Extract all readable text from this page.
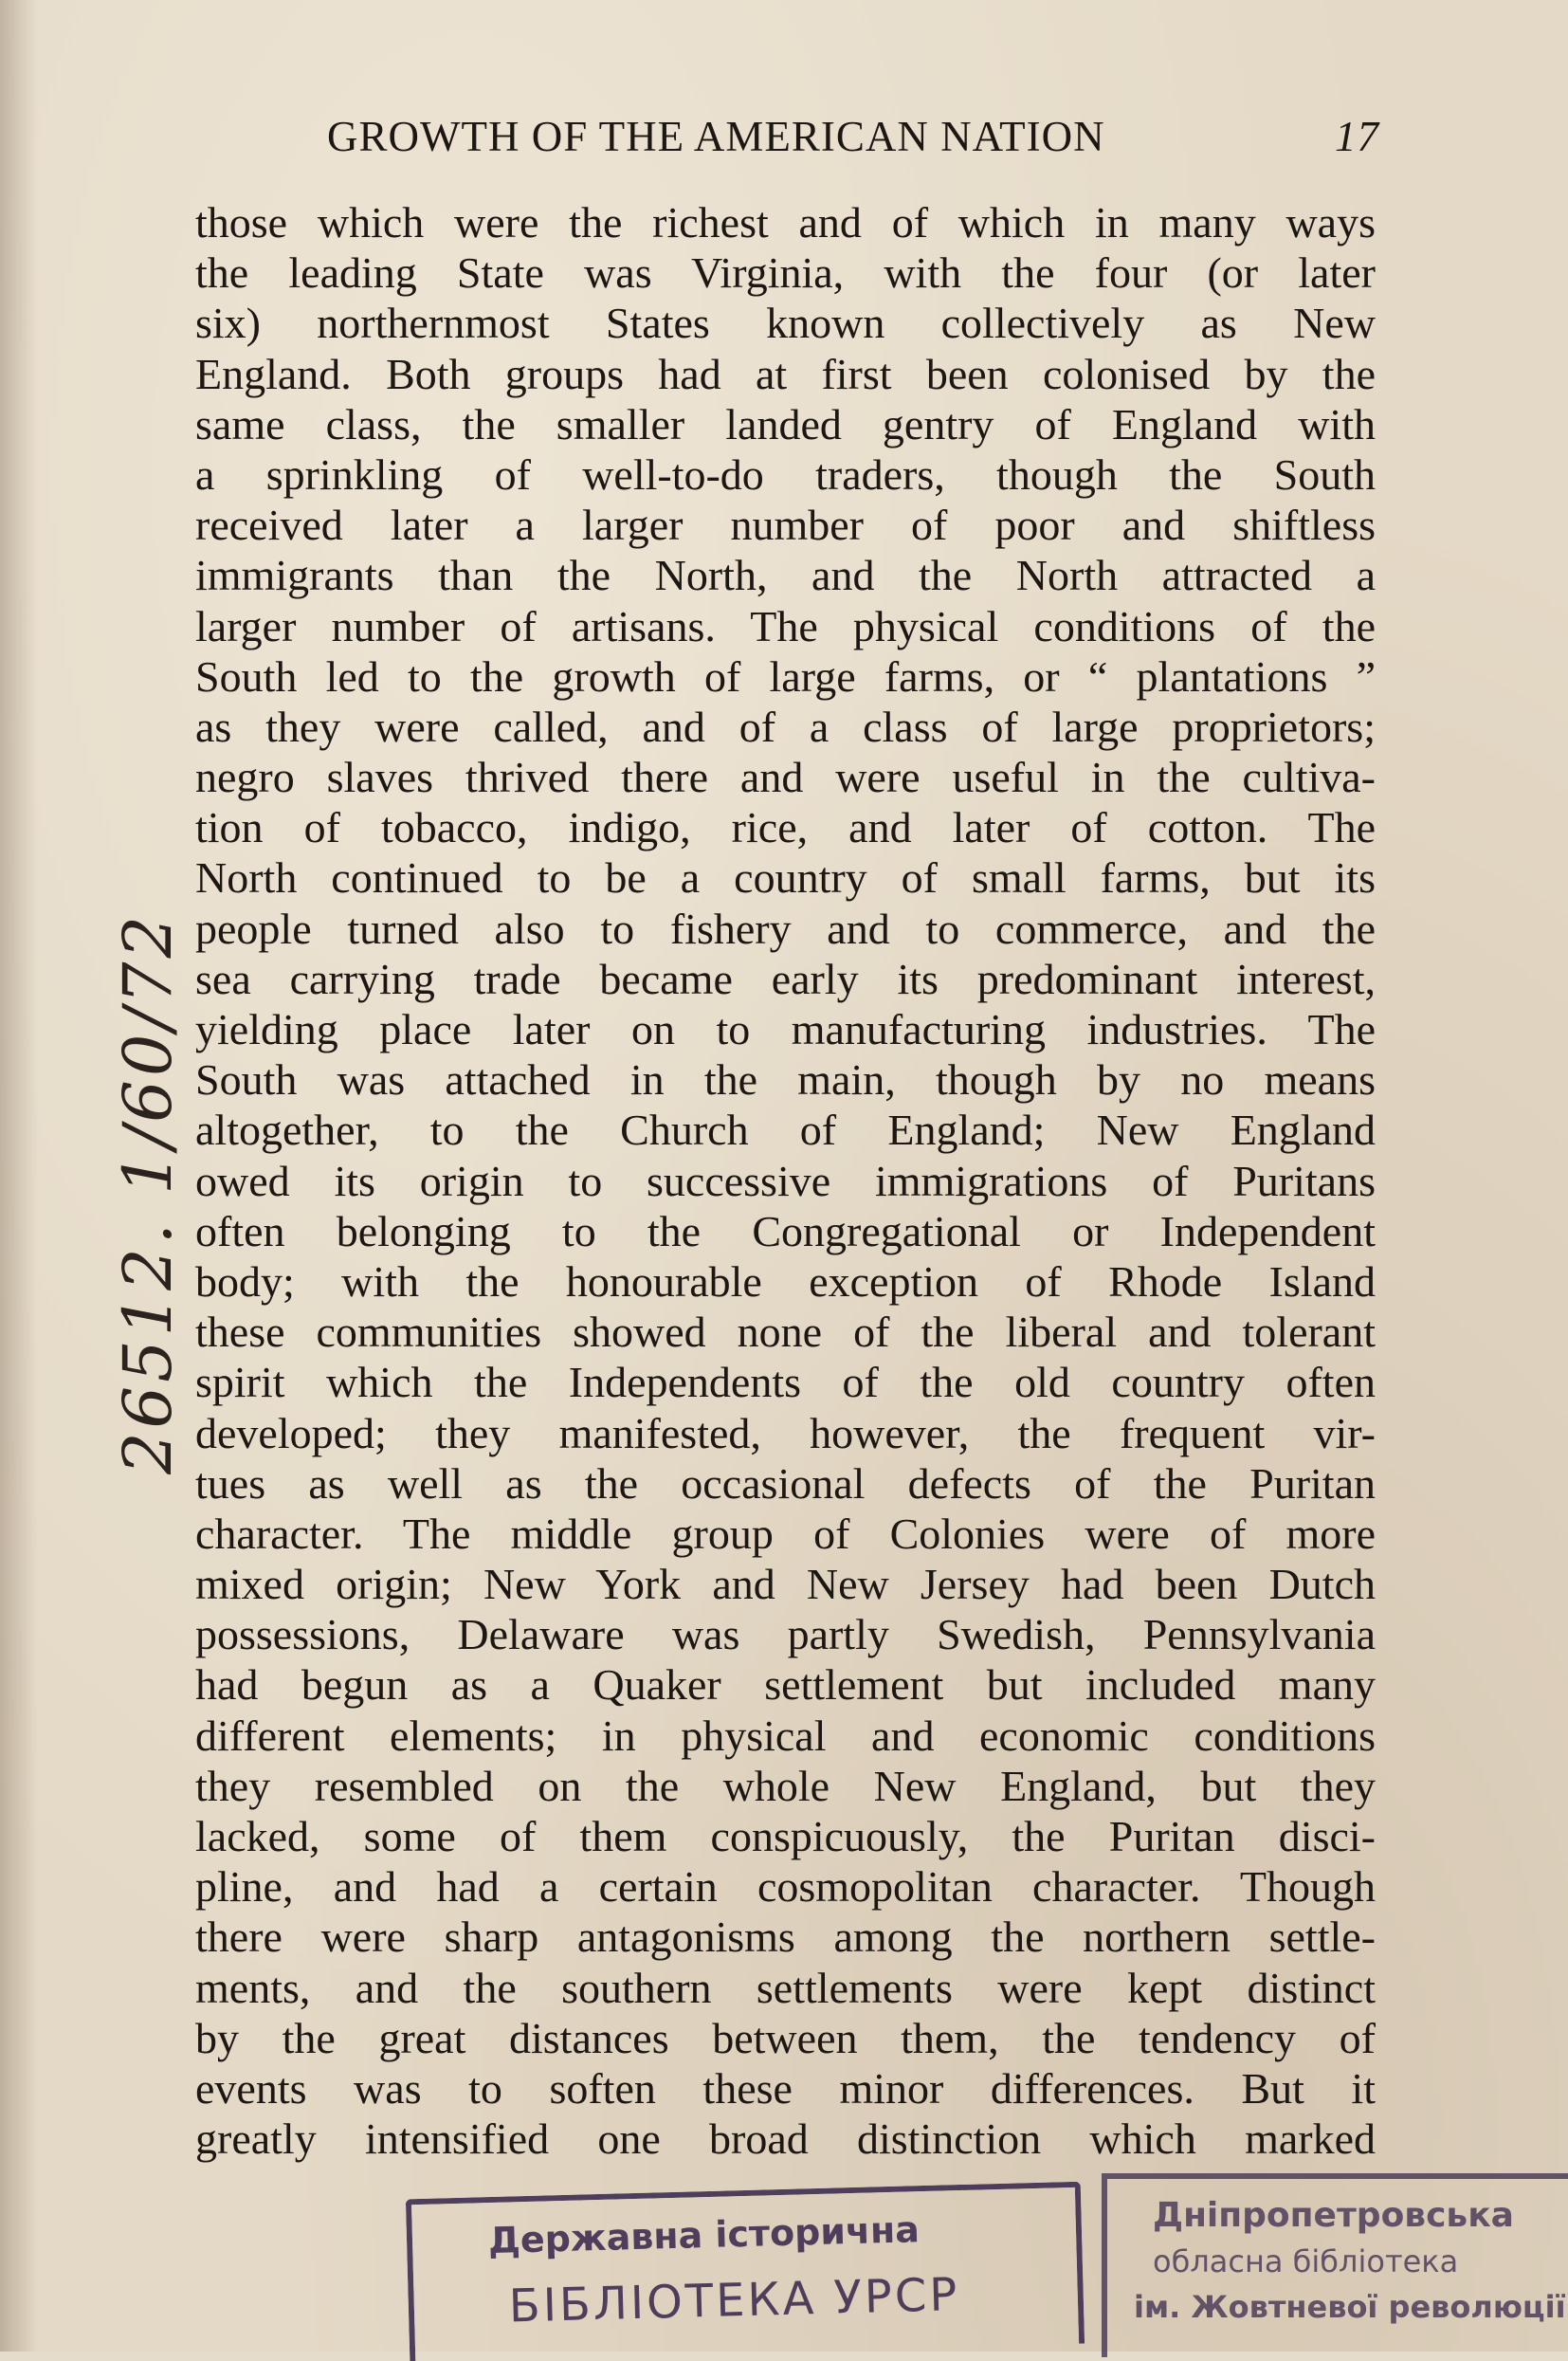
GROWTH OF THE AMERICAN NATION	17
26512. 1/60/72
those which were the richest and of which in many ways
the leading State was Virginia, with the four (or later
six) northernmost States known collectively as New
England. Both groups had at first been colonised by the
same class, the smaller landed gentry of England with
a sprinkling of well-to-do traders, though the South
received later a larger number of poor and shiftless
immigrants than the North, and the North attracted a
larger number of artisans. The physical conditions of the
South led to the growth of large farms, or “ plantations ”
as they were called, and of a class of large proprietors;
negro slaves thrived there and were useful in the cultiva-
tion of tobacco, indigo, rice, and later of cotton. The
North continued to be a country of small farms, but its
people turned also to fishery and to commerce, and the
sea carrying trade became early its predominant interest,
yielding place later on to manufacturing industries. The
South was attached in the main, though by no means
altogether, to the Church of England; New England
owed its origin to successive immigrations of Puritans
often belonging to the Congregational or Independent
body; with the honourable exception of Rhode Island
these communities showed none of the liberal and tolerant
spirit which the Independents of the old country often
developed; they manifested, however, the frequent vir-
tues as well as the occasional defects of the Puritan
character. The middle group of Colonies were of more
mixed origin; New York and New Jersey had been Dutch
possessions, Delaware was partly Swedish, Pennsylvania
had begun as a Quaker settlement but included many
different elements; in physical and economic conditions
they resembled on the whole New England, but they
lacked, some of them conspicuously, the Puritan disci-
pline, and had a certain cosmopolitan character. Though
there were sharp antagonisms among the northern settle-
ments, and the southern settlements were kept distinct
by the great distances between them, the tendency of
events was to soften these minor differences. But it
greatly intensified one broad distinction which marked
Державна історична
БІБЛІОТЕКА УРСР
Дніпропетровська
обласна бібліотека
ім. Жовтневої революції
